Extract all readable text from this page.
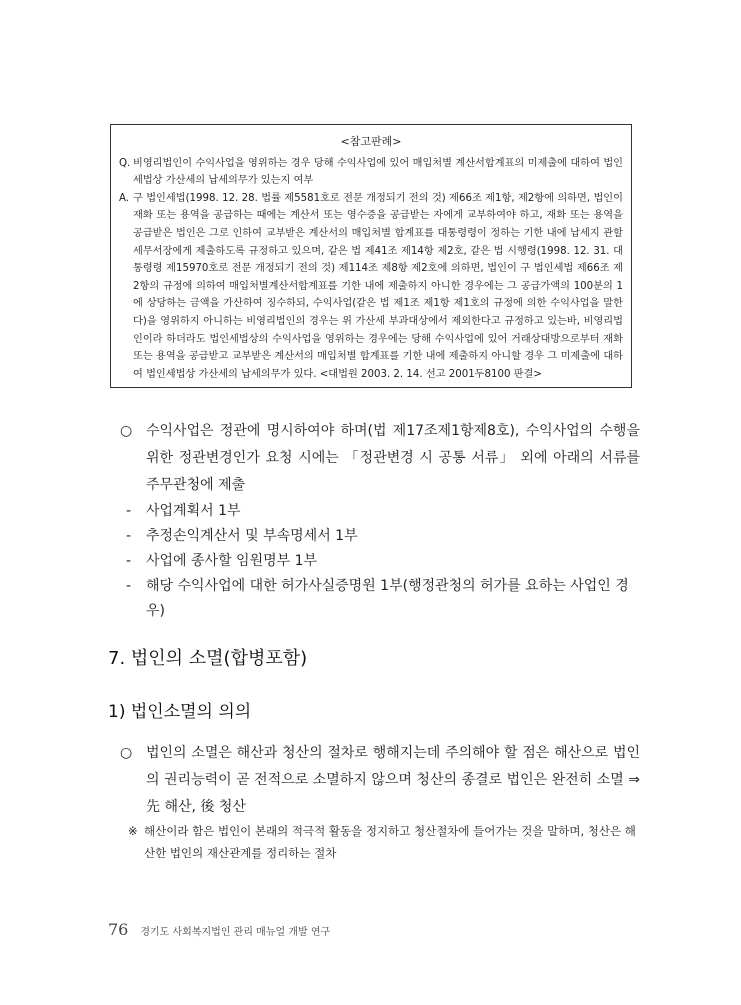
<참고판례>
Q. 비영리법인이 수익사업을 영위하는 경우 당해 수익사업에 있어 매입처별 계산서합계표의 미제출에 대하여 법인세법상 가산세의 납세의무가 있는지 여부
A. 구 법인세법(1998. 12. 28. 법률 제5581호로 전문 개정되기 전의 것) 제66조 제1항, 제2항에 의하면, 법인이 재화 또는 용역을 공급하는 때에는 계산서 또는 영수증을 공급받는 자에게 교부하여야 하고, 재화 또는 용역을 공급받은 법인은 그로 인하여 교부받은 계산서의 매입처별 합계표를 대통령령이 정하는 기한 내에 납세지 관할세무서장에게 제출하도록 규정하고 있으며, 같은 법 제41조 제14항 제2호, 같은 법 시행령(1998. 12. 31. 대통령령 제15970호로 전문 개정되기 전의 것) 제114조 제8항 제2호에 의하면, 법인이 구 법인세법 제66조 제2항의 규정에 의하여 매입처별계산서합계표를 기한 내에 제출하지 아니한 경우에는 그 공급가액의 100분의 1에 상당하는 금액을 가산하여 징수하되, 수익사업(같은 법 제1조 제1항 제1호의 규정에 의한 수익사업을 말한다)을 영위하지 아니하는 비영리법인의 경우는 위 가산세 부과대상에서 제외한다고 규정하고 있는바, 비영리법인이라 하더라도 법인세법상의 수익사업을 영위하는 경우에는 당해 수익사업에 있어 거래상대방으로부터 재화 또는 용역을 공급받고 교부받은 계산서의 매입처별 합계표를 기한 내에 제출하지 아니할 경우 그 미제출에 대하여 법인세법상 가산세의 납세의무가 있다. <대법원 2003. 2. 14. 선고 2001두8100 판결>
○ 수익사업은 정관에 명시하여야 하며(법 제17조제1항제8호), 수익사업의 수행을 위한 정관변경인가 요청 시에는 「정관변경 시 공통 서류」 외에 아래의 서류를 주무관청에 제출
-	사업계획서 1부
-	추정손익계산서 및 부속명세서 1부
-	사업에 종사할 임원명부 1부
-	해당 수익사업에 대한 허가사실증명원 1부(행정관청의 허가를 요하는 사업인 경우)
7. 법인의 소멸(합병포함)
1) 법인소멸의 의의
○ 법인의 소멸은 해산과 청산의 절차로 행해지는데 주의해야 할 점은 해산으로 법인의 권리능력이 곧 전적으로 소멸하지 않으며 청산의 종결로 법인은 완전히 소멸 ⇒ 先 해산, 後 청산
※ 해산이라 함은 법인이 본래의 적극적 활동을 정지하고 청산절차에 들어가는 것을 말하며, 청산은 해산한 법인의 재산관계를 정리하는 절차
76 경기도 사회복지법인 관리 매뉴얼 개발 연구
